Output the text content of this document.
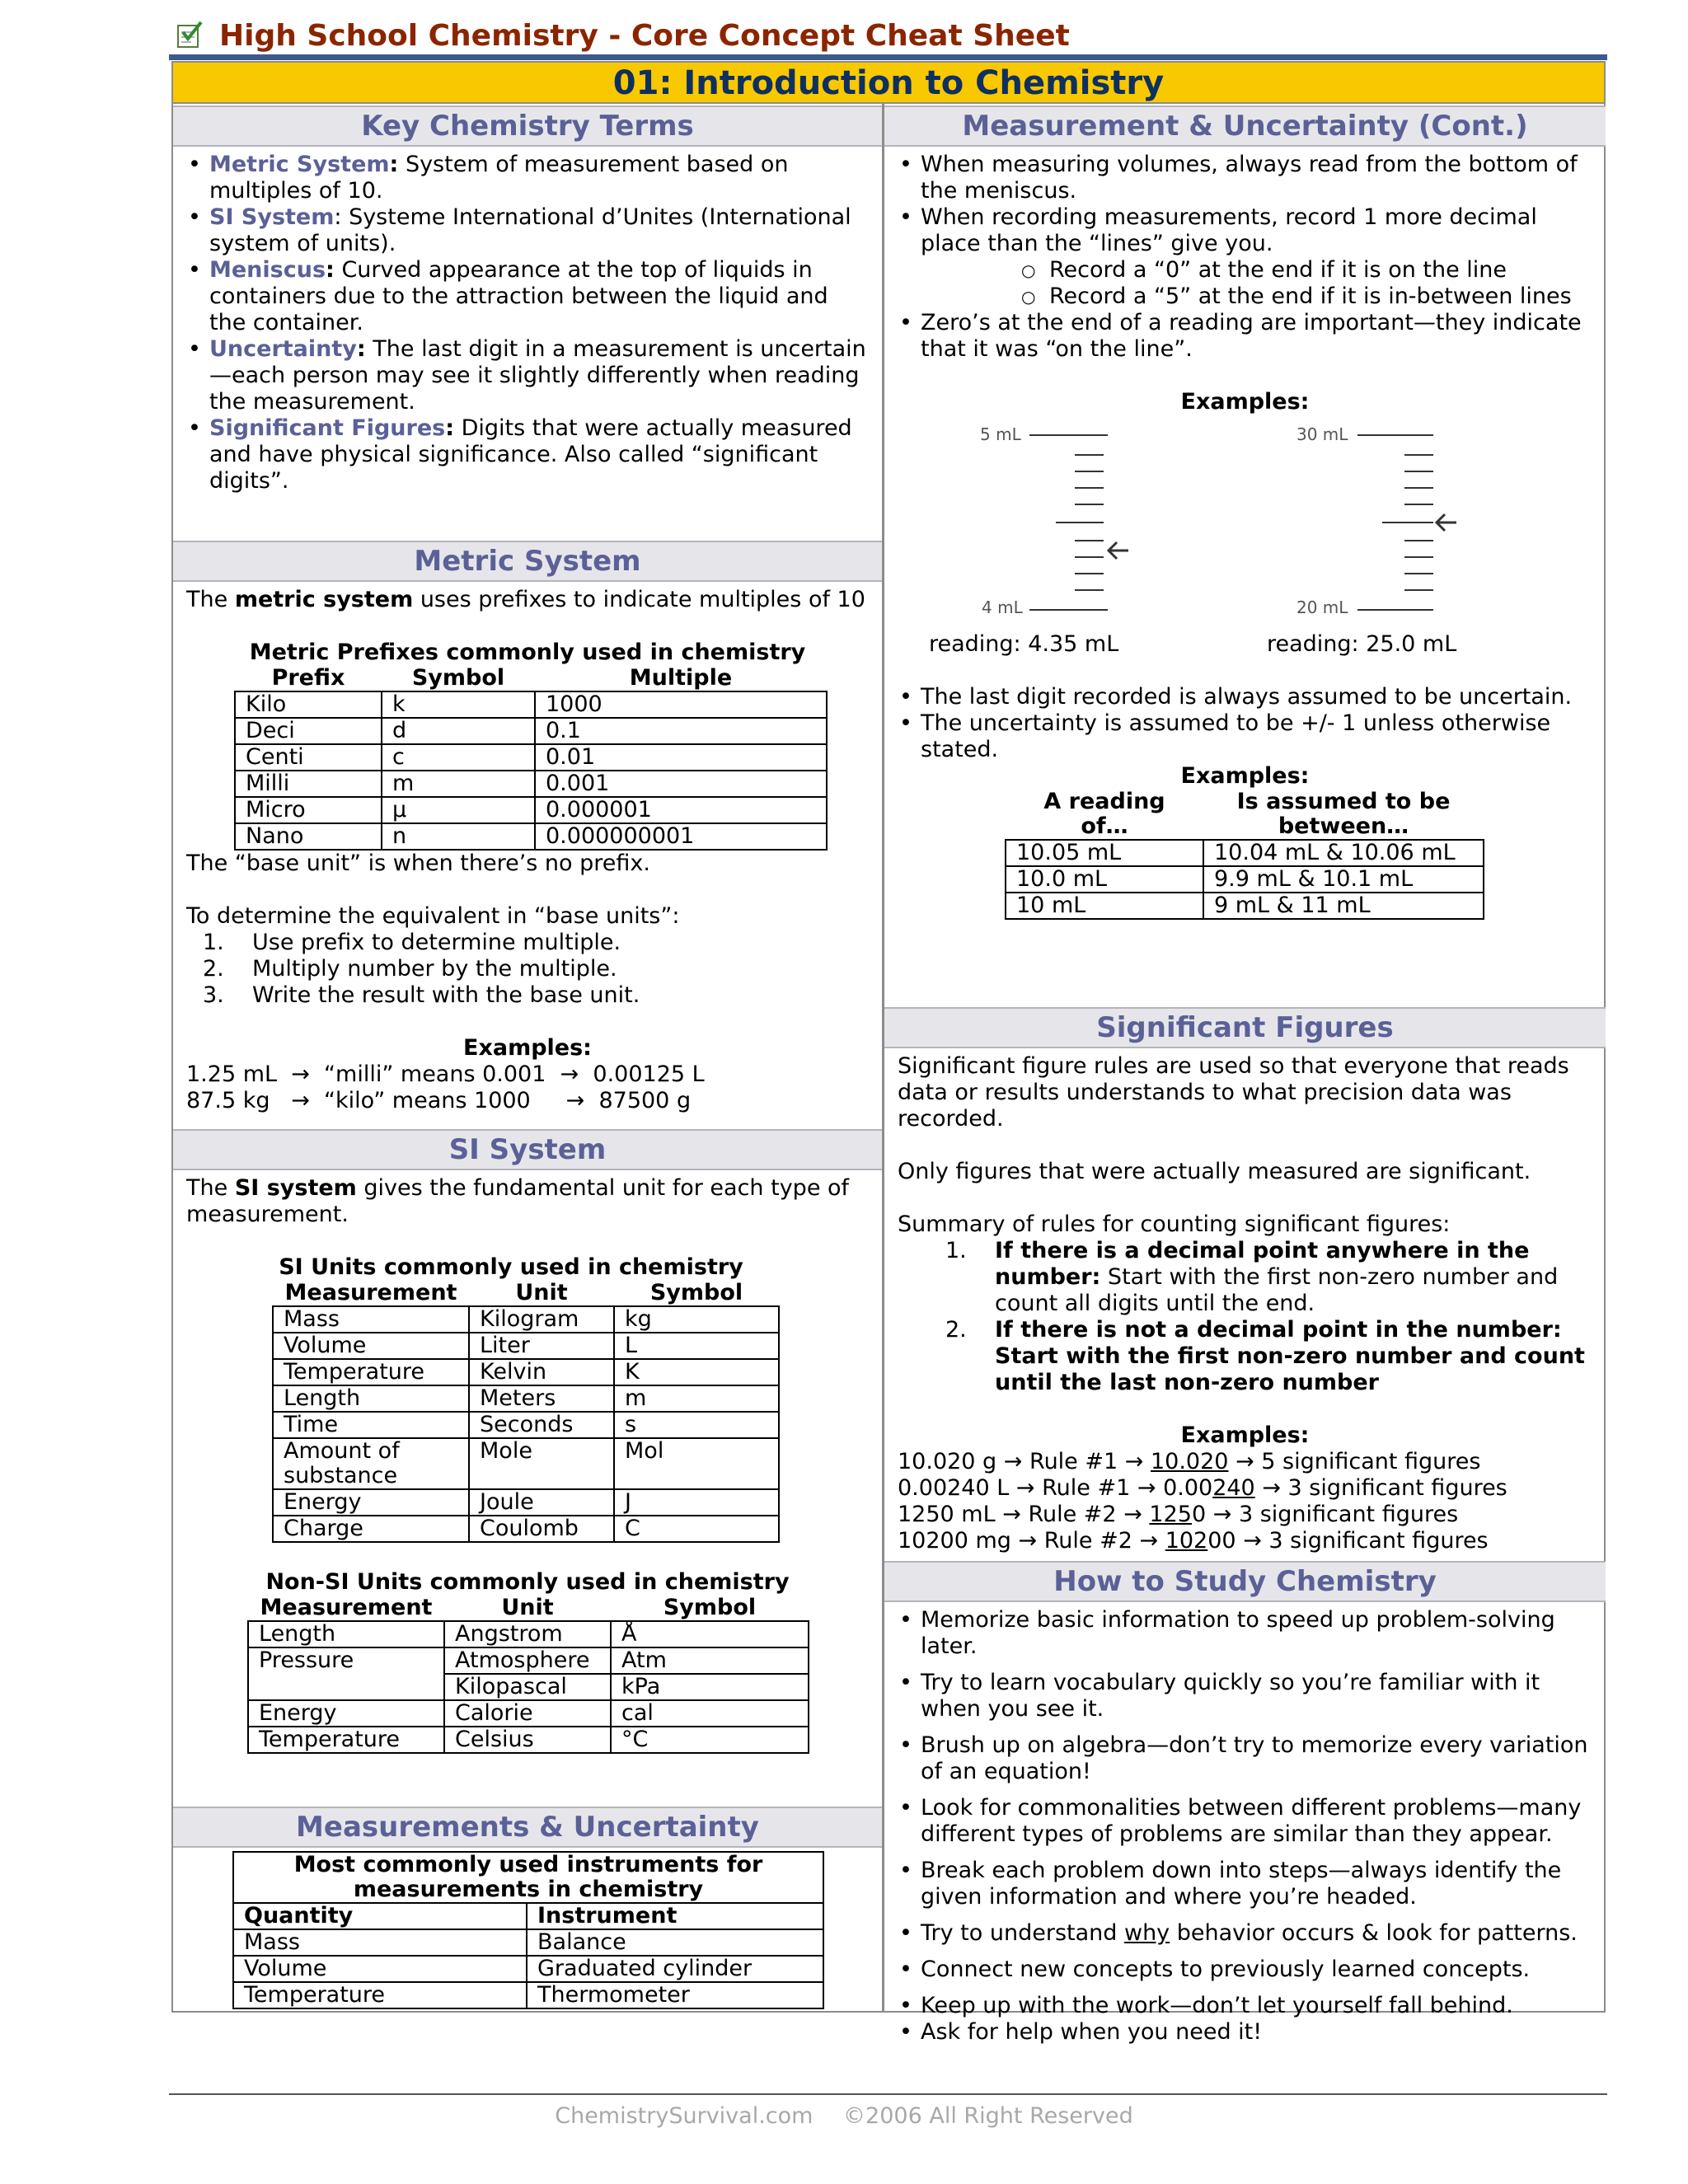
High School Chemistry - Core Concept Cheat Sheet
01: Introduction to Chemistry
Key Chemistry Terms
• Metric System: System of measurement based on multiples of 10.
• SI System: Systeme International d’Unites (International system of units).
• Meniscus: Curved appearance at the top of liquids in containers due to the attraction between the liquid and the container.
• Uncertainty: The last digit in a measurement is uncertain—each person may see it slightly differently when reading the measurement.
• Significant Figures: Digits that were actually measured and have physical significance. Also called “significant digits”.
Metric System

The metric system uses prefixes to indicate multiples of 10

Metric Prefixes commonly used in chemistry
Prefix	Symbol	Multiple
Kilo	k	1000
Deci	d	0.1
Centi	c	0.01
Milli	m	0.001
Micro	µ	0.000001
Nano	n	0.000000001

The “base unit” is when there’s no prefix.

To determine the equivalent in “base units”:

1.	Use prefix to determine multiple.
2.	Multiply number by the multiple.
3.	Write the result with the base unit.
Examples:
1.25 mL  →  “milli” means 0.001  →  0.00125 L
87.5 kg   →  “kilo” means 1000     →  87500 g
SI System

The SI system gives the fundamental unit for each type of measurement.

SI Units commonly used in chemistry
Measurement	Unit	Symbol
Mass	Kilogram	kg
Volume	Liter	L
Temperature	Kelvin	K
Length	Meters	m
Time	Seconds	s
Amount of substance	Mole	Mol
Energy	Joule	J
Charge	Coulomb	C
Non-SI Units commonly used in chemistry
Measurement	Unit	Symbol
Length	Angstrom	Å
Pressure	Atmosphere	Atm
	Kilopascal	kPa
Energy	Calorie	cal
Temperature	Celsius	°C
Measurements & Uncertainty
Most commonly used instruments for measurements in chemistry	
Quantity	Instrument
Mass	Balance
Volume	Graduated cylinder
Temperature	Thermometer
Measurement & Uncertainty (Cont.)
• When measuring volumes, always read from the bottom of the meniscus.
• When recording measurements, record 1 more decimal place than the “lines” give you.
○ Record a “0” at the end if it is on the line
○ Record a “5” at the end if it is in-between lines
• Zero’s at the end of a reading are important—they indicate that it was “on the line”.
Examples:
5 mL
4 mL
30 mL
20 mL
reading: 4.35 mL	reading: 25.0 mL
• The last digit recorded is always assumed to be uncertain.
• The uncertainty is assumed to be +/- 1 unless otherwise stated.
Examples:
A reading of…	Is assumed to be between…
10.05 mL	10.04 mL & 10.06 mL
10.0 mL	9.9 mL & 10.1 mL
10 mL	9 mL & 11 mL
Significant Figures

Significant figure rules are used so that everyone that reads data or results understands to what precision data was recorded.

Only figures that were actually measured are significant.

Summary of rules for counting significant figures:

1.	If there is a decimal point anywhere in the number: Start with the first non-zero number and count all digits until the end.
2.	If there is not a decimal point in the number: Start with the first non-zero number and count until the last non-zero number
Examples:
10.020 g → Rule #1 → 10.020 → 5 significant figures
0.00240 L → Rule #1 → 0.00240 → 3 significant figures
1250 mL → Rule #2 → 1250 → 3 significant figures
10200 mg → Rule #2 → 10200 → 3 significant figures
How to Study Chemistry
• Memorize basic information to speed up problem-solving later.
• Try to learn vocabulary quickly so you’re familiar with it when you see it.
• Brush up on algebra—don’t try to memorize every variation of an equation!
• Look for commonalities between different problems—many different types of problems are similar than they appear.
• Break each problem down into steps—always identify the given information and where you’re headed.
• Try to understand why behavior occurs & look for patterns.
• Connect new concepts to previously learned concepts.
• Keep up with the work—don’t let yourself fall behind.
• Ask for help when you need it!
ChemistrySurvival.com ©2006 All Right Reserved
